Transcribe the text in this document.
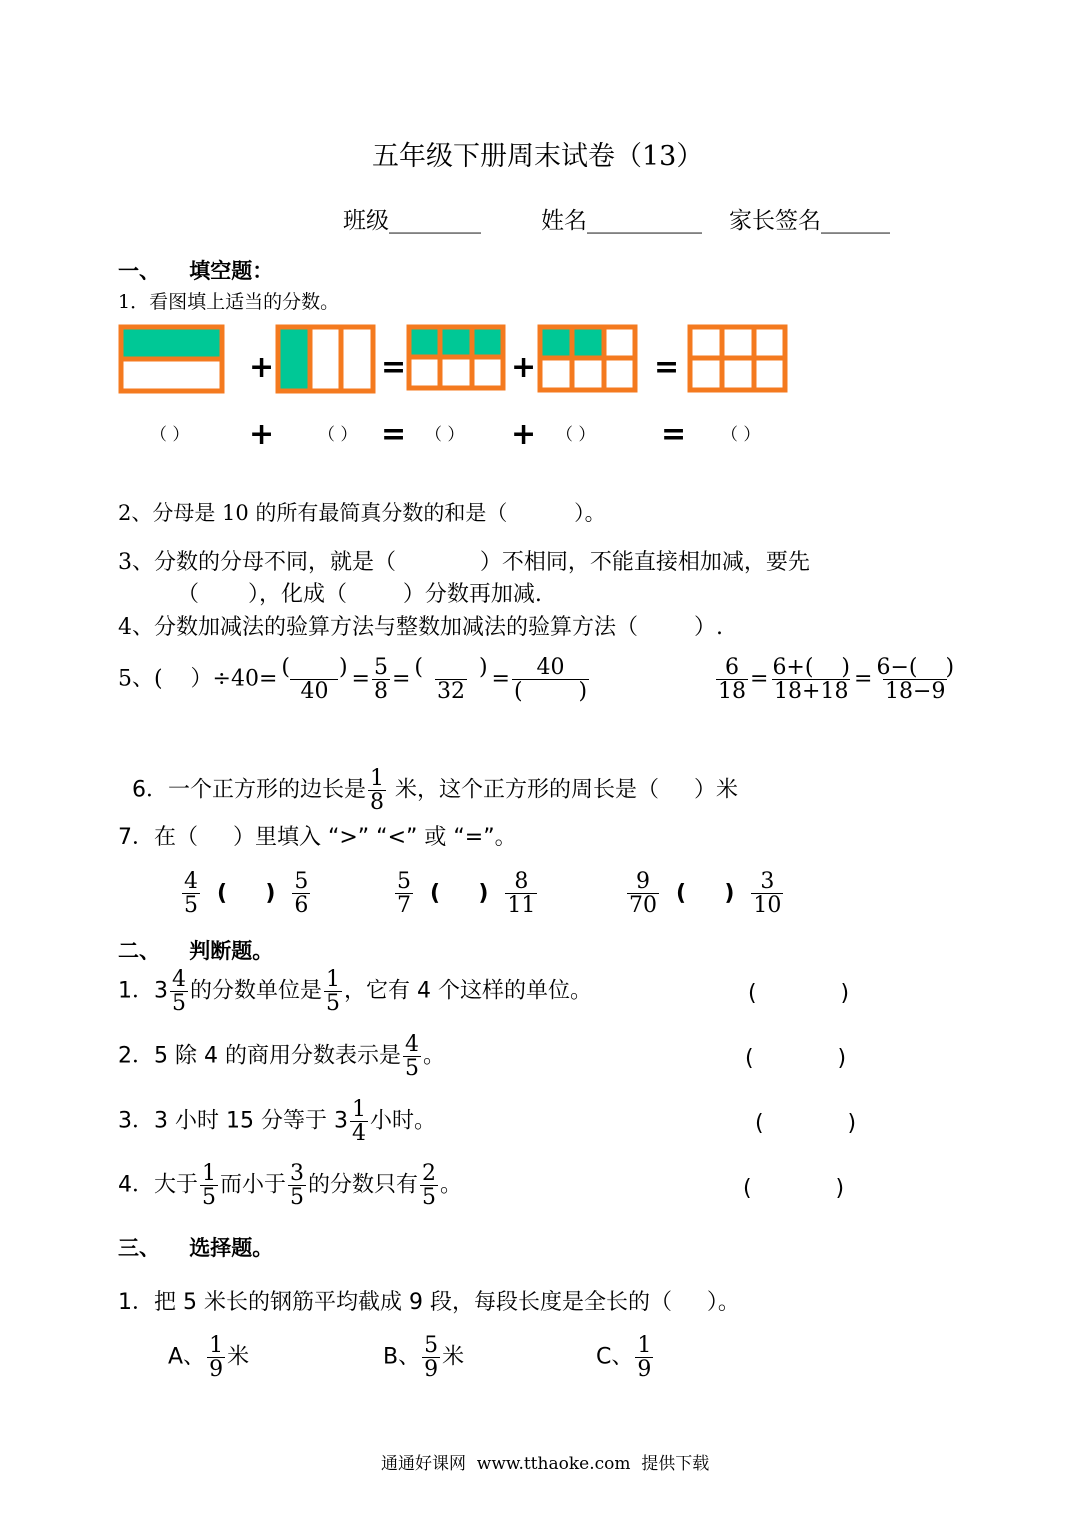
五年级下册周末试卷（13）
班级________	姓名__________ 家长签名______
一、    填空题：
1．看图填上适当的分数。
+	=	+	=
（ ） +	（ ） = （ ） + （ ） = （ ）
2、分母是 10 的所有最简真分数的和是（          ）。
3、分数的分母不同，就是（            ）不相同，不能直接相加减，要先
（       ），化成（        ）分数再加减.
4、分数加减法的验算方法与整数加减法的验算方法（        ）.
5、(    ）$\div 40= \frac{( )}{40} = \frac{5}{8} = \frac{( )}{32} = \frac{40}{( )}$	$\frac{6}{18} = \frac{6+( )}{18+18} = \frac{6-( )}{18-9}$

6．一个正方形的边长是 $\frac{1}{8}$ 米，这个正方形的周长是（     ）米

7．在（     ）里填入 “>” “<” 或 “=”。
$\frac{4}{5}$ (     ) $\frac{5}{6}$	$\frac{5}{7}$ (     ) $\frac{8}{11}$	$\frac{9}{70}$ (     ) $\frac{3}{10}$
二、    判断题。
1．$3 \frac{4}{5}$ 的分数单位是 $\frac{1}{5}$ ，它有 4 个这样的单位。	(            )
2．5 除 4 的商用分数表示是 $\frac{4}{5}$ 。	(            )
3．3 小时 15 分等于 $3 \frac{1}{4}$ 小时。	(            )
4．大于 $\frac{1}{5}$ 而小于 $\frac{3}{5}$ 的分数只有 $\frac{2}{5}$ 。	(            )
三、    选择题。
1．把 5 米长的钢筋平均截成 9 段，每段长度是全长的（     ）。
A、 $\frac{1}{9}$ 米	B、 $\frac{5}{9}$ 米	C、 $\frac{1}{9}$
通通好课网  www.tthaoke.com  提供下载
